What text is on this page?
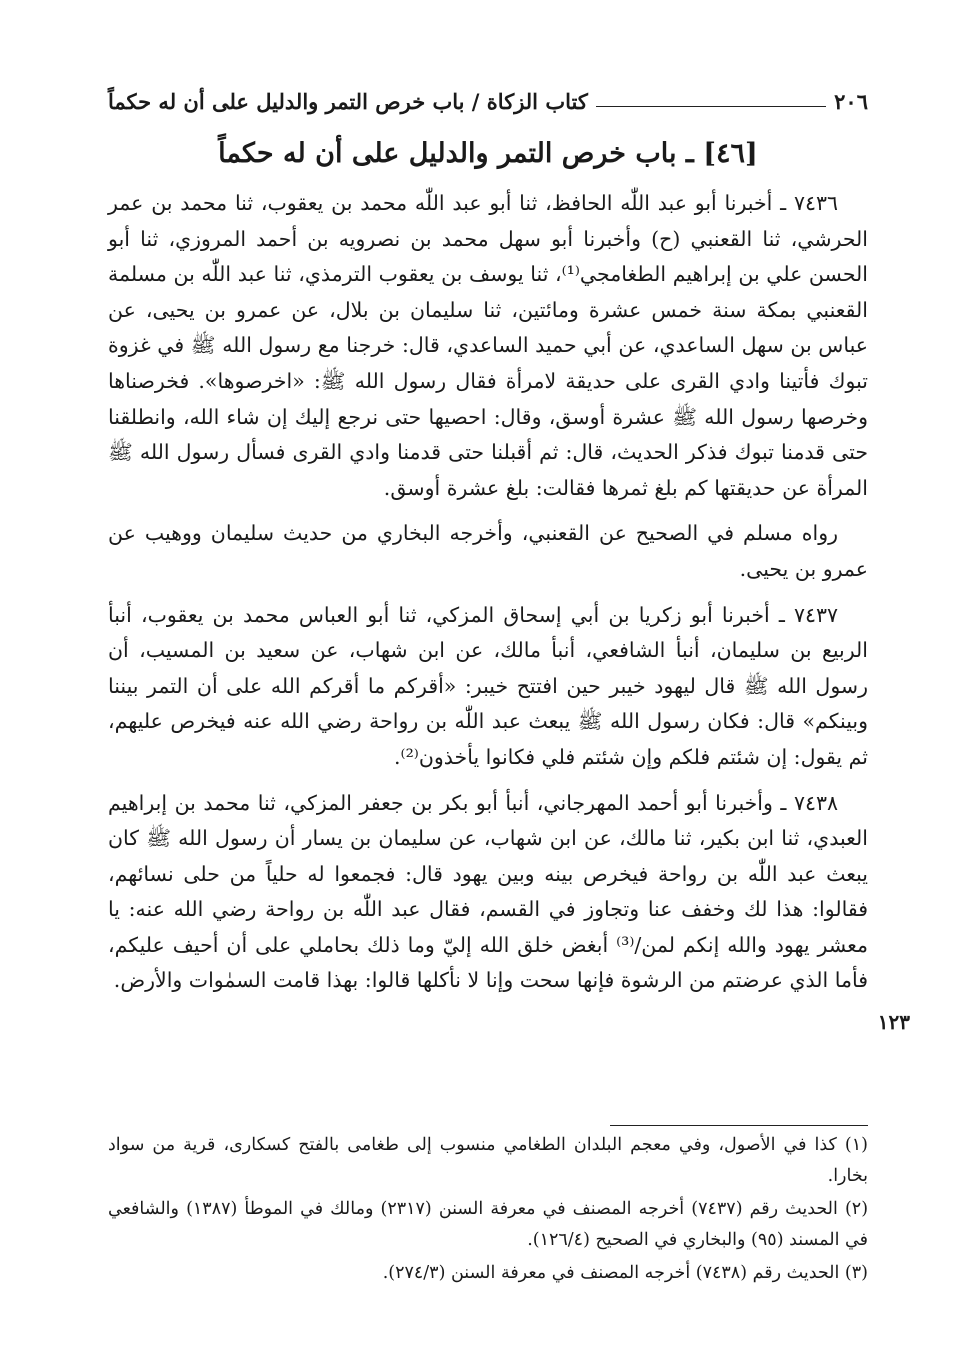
٢٠٦
كتاب الزكاة / باب خرص التمر والدليل على أن له حكماً
[٤٦] ـ باب خرص التمر والدليل على أن له حكماً

٧٤٣٦ ـ أخبرنا أبو عبد اللّٰه الحافظ، ثنا أبو عبد اللّٰه محمد بن يعقوب، ثنا محمد بن عمر الحرشي، ثنا القعنبي (ح) وأخبرنا أبو سهل محمد بن نصرويه بن أحمد المروزي، ثنا أبو الحسن علي بن إبراهيم الطغامجي⁽¹⁾، ثنا يوسف بن يعقوب الترمذي، ثنا عبد اللّٰه بن مسلمة القعنبي بمكة سنة خمس عشرة ومائتين، ثنا سليمان بن بلال، عن عمرو بن يحيى، عن عباس بن سهل الساعدي، عن أبي حميد الساعدي، قال: خرجنا مع رسول الله ﷺ في غزوة تبوك فأتينا وادي القرى على حديقة لامرأة فقال رسول الله ﷺ: «اخرصوها». فخرصناها وخرصها رسول الله ﷺ عشرة أوسق، وقال: احصيها حتى نرجع إليك إن شاء الله، وانطلقنا حتى قدمنا تبوك فذكر الحديث، قال: ثم أقبلنا حتى قدمنا وادي القرى فسأل رسول الله ﷺ المرأة عن حديقتها كم بلغ ثمرها فقالت: بلغ عشرة أوسق.

رواه مسلم في الصحيح عن القعنبي، وأخرجه البخاري من حديث سليمان ووهيب عن عمرو بن يحيى.

٧٤٣٧ ـ أخبرنا أبو زكريا بن أبي إسحاق المزكي، ثنا أبو العباس محمد بن يعقوب، أنبأ الربيع بن سليمان، أنبأ الشافعي، أنبأ مالك، عن ابن شهاب، عن سعيد بن المسيب، أن رسول الله ﷺ قال ليهود خيبر حين افتتح خيبر: «أقركم ما أقركم الله على أن التمر بيننا وبينكم» قال: فكان رسول الله ﷺ يبعث عبد اللّٰه بن رواحة رضي الله عنه فيخرص عليهم، ثم يقول: إن شئتم فلكم وإن شئتم فلي فكانوا يأخذون⁽²⁾.

٧٤٣٨ ـ وأخبرنا أبو أحمد المهرجاني، أنبأ أبو بكر بن جعفر المزكي، ثنا محمد بن إبراهيم العبدي، ثنا ابن بكير، ثنا مالك، عن ابن شهاب، عن سليمان بن يسار أن رسول الله ﷺ كان يبعث عبد اللّٰه بن رواحة فيخرص بينه وبين يهود قال: فجمعوا له حلياً من حلى نسائهم، فقالوا: هذا لك وخفف عنا وتجاوز في القسم، فقال عبد اللّٰه بن رواحة رضي الله عنه: يا معشر يهود والله إنكم لمن/⁽³⁾ أبغض خلق الله إليّ وما ذلك بحاملي على أن أحيف عليكم، فأما الذي عرضتم من الرشوة فإنها سحت وإنا لا نأكلها قالوا: بهذا قامت السمٰوات والأرض.

١٢٣

(١) كذا في الأصول، وفي معجم البلدان الطغامي منسوب إلى طغامى بالفتح كسكارى، قرية من سواد بخارا.

(٢) الحديث رقم (٧٤٣٧) أخرجه المصنف في معرفة السنن (٢٣١٧) ومالك في الموطأ (١٣٨٧) والشافعي في المسند (٩٥) والبخاري في الصحيح (١٢٦/٤).

(٣) الحديث رقم (٧٤٣٨) أخرجه المصنف في معرفة السنن (٢٧٤/٣).
